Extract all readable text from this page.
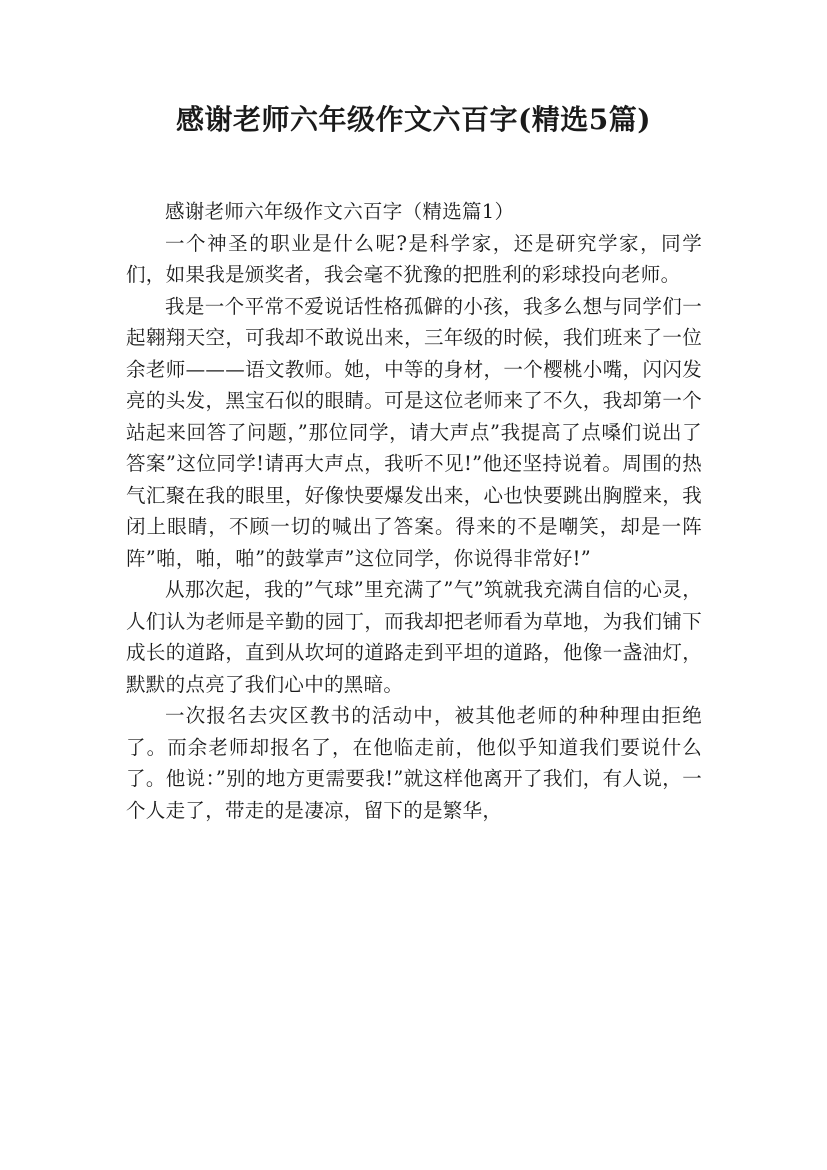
感谢老师六年级作文六百字(精选5篇)

感谢老师六年级作文六百字（精选篇1）

一个神圣的职业是什么呢?是科学家，还是研究学家，同学们，如果我是颁奖者，我会毫不犹豫的把胜利的彩球投向老师。

我是一个平常不爱说话性格孤僻的小孩，我多么想与同学们一起翱翔天空，可我却不敢说出来，三年级的时候，我们班来了一位余老师———语文教师。她，中等的身材，一个樱桃小嘴，闪闪发亮的头发，黑宝石似的眼睛。可是这位老师来了不久，我却第一个站起来回答了问题，”那位同学，请大声点”我提高了点嗓们说出了答案”这位同学!请再大声点，我听不见!”他还坚持说着。周围的热气汇聚在我的眼里，好像快要爆发出来，心也快要跳出胸膛来，我闭上眼睛，不顾一切的喊出了答案。得来的不是嘲笑，却是一阵阵”啪，啪，啪”的鼓掌声”这位同学，你说得非常好!”

从那次起，我的”气球”里充满了”气”筑就我充满自信的心灵，人们认为老师是辛勤的园丁，而我却把老师看为草地，为我们铺下成长的道路，直到从坎坷的道路走到平坦的道路，他像一盏油灯，默默的点亮了我们心中的黑暗。

一次报名去灾区教书的活动中，被其他老师的种种理由拒绝了。而余老师却报名了，在他临走前，他似乎知道我们要说什么了。他说：”别的地方更需要我!”就这样他离开了我们，有人说，一个人走了，带走的是凄凉，留下的是繁华，
